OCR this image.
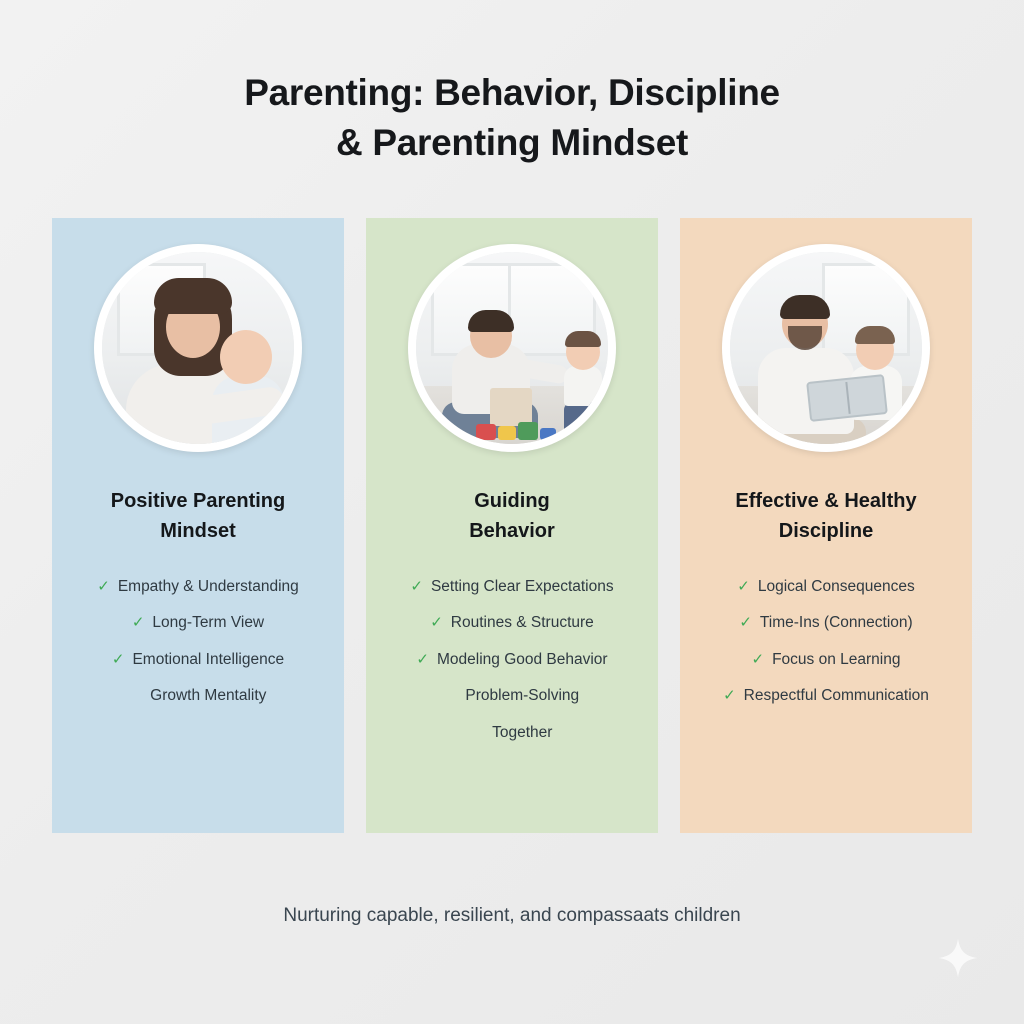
Parenting: Behavior, Discipline
& Parenting Mindset
Positive Parenting
Mindset
✓ Empathy & Understanding
✓ Long-Term View
✓ Emotional Intelligence
Growth Mentality
Guiding
Behavior
✓ Setting Clear Expectations
✓ Routines & Structure
✓ Modeling Good Behavior
Problem-Solving
Together
Effective & Healthy
Discipline
✓ Logical Consequences
✓ Time-Ins (Connection)
✓ Focus on Learning
✓ Respectful Communication
Nurturing capable, resilient, and compassaats children
